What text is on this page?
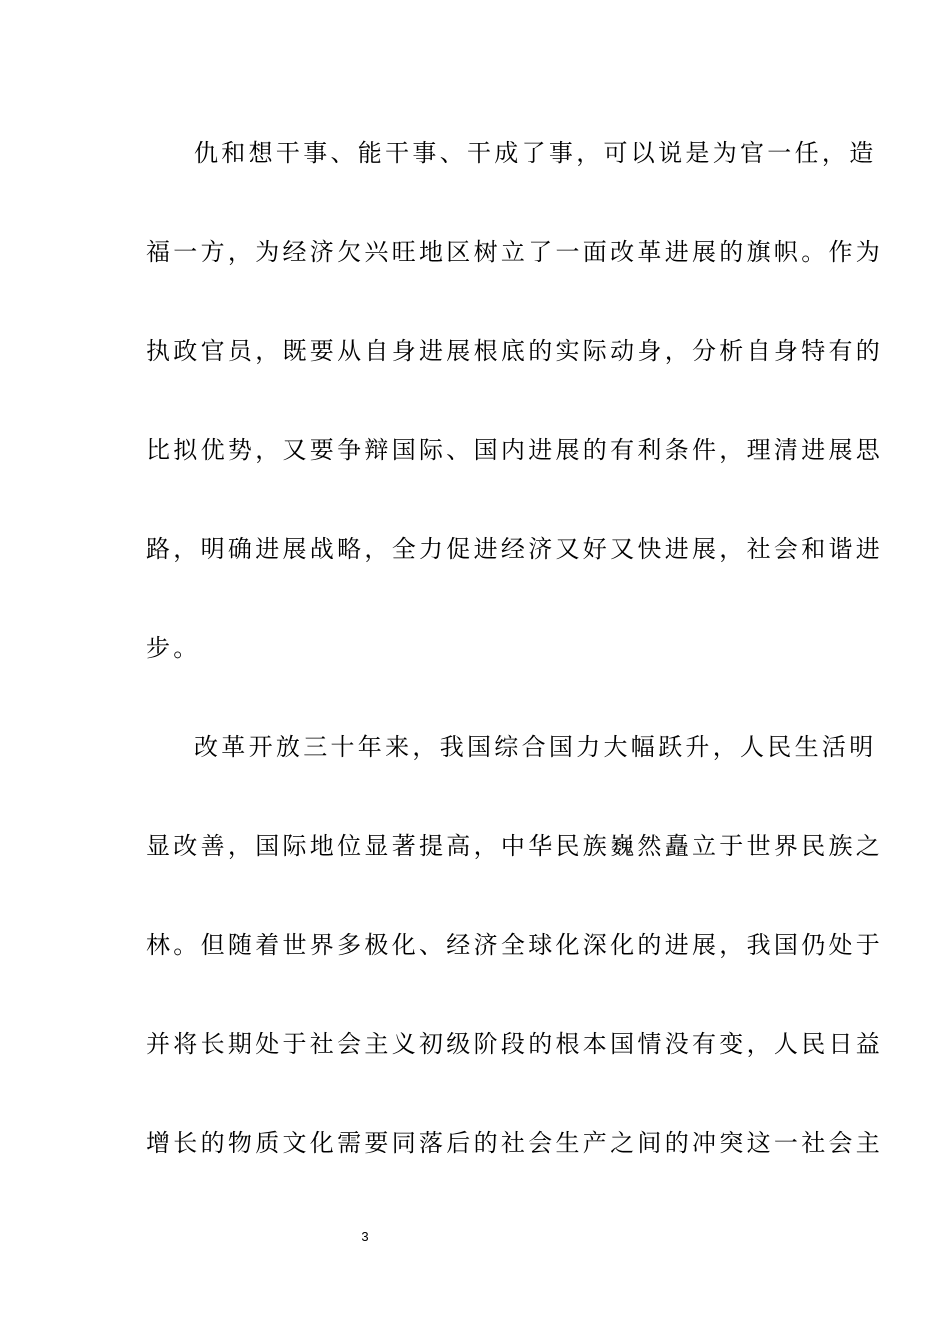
仇和想干事、能干事、干成了事，可以说是为官一任，造
福一方，为经济欠兴旺地区树立了一面改革进展的旗帜。作为
执政官员，既要从自身进展根底的实际动身，分析自身特有的
比拟优势，又要争辩国际、国内进展的有利条件，理清进展思
路，明确进展战略，全力促进经济又好又快进展，社会和谐进
步。
改革开放三十年来，我国综合国力大幅跃升，人民生活明
显改善，国际地位显著提高，中华民族巍然矗立于世界民族之
林。但随着世界多极化、经济全球化深化的进展，我国仍处于
并将长期处于社会主义初级阶段的根本国情没有变，人民日益
增长的物质文化需要同落后的社会生产之间的冲突这一社会主
3
